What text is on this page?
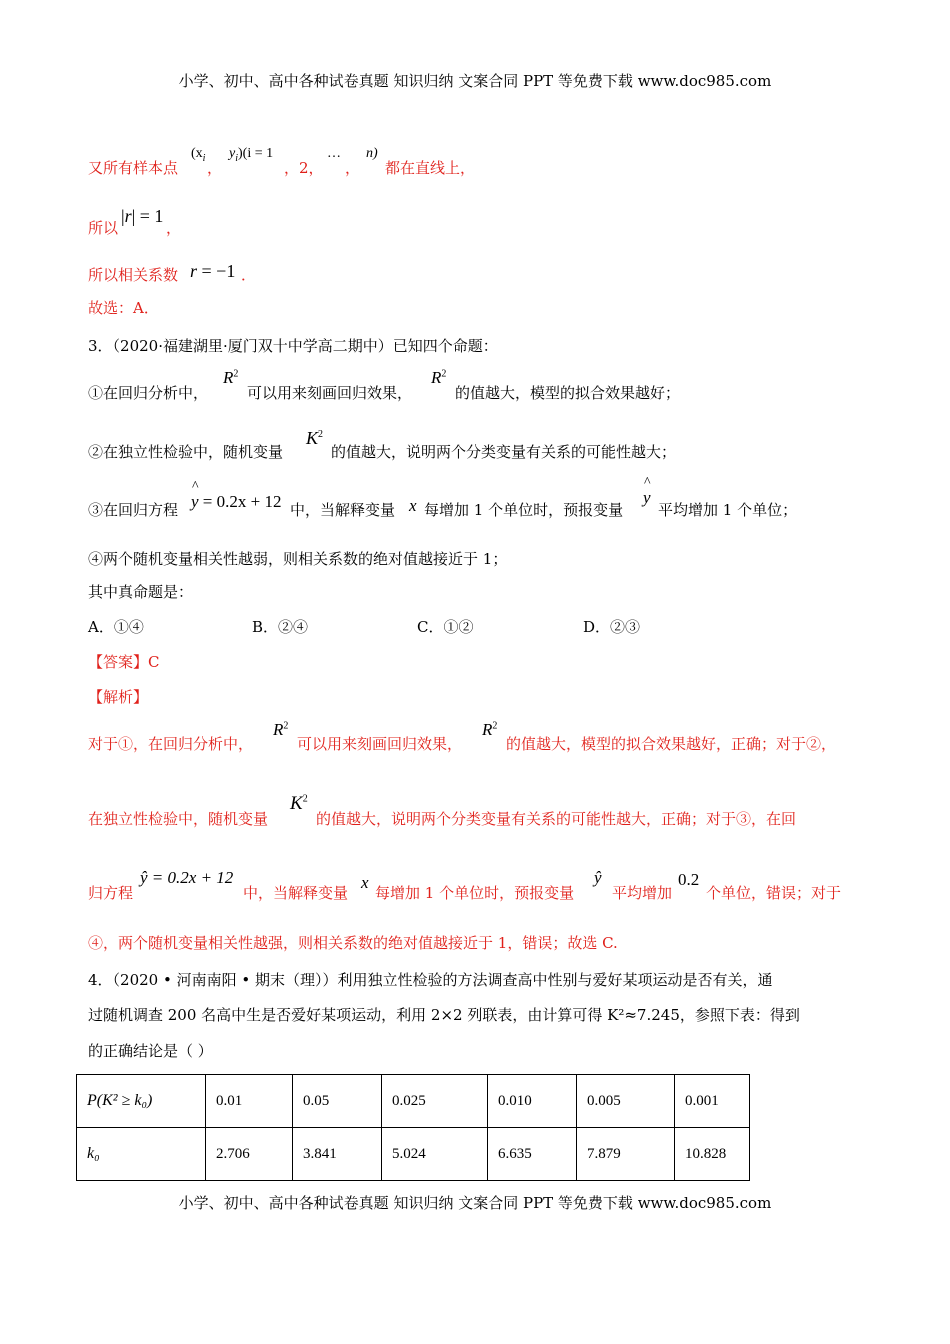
小学、初中、高中各种试卷真题 知识归纳 文案合同 PPT 等免费下载 www.doc985.com
又所有样本点
($x_i$
，
$y_i)(i = 1$
，2，
…
，
n)
都在直线上，
所以
|r| = 1
，
所以相关系数 r = −1 ．
故选：A．
3．（2020·福建湖里·厦门双十中学高二期中）已知四个命题：
①在回归分析中，
$R^2$
可以用来刻画回归效果，
$R^2$
的值越大，模型的拟合效果越好；
②在独立性检验中，随机变量
$K^2$
的值越大，说明两个分类变量有关系的可能性越大；
③在回归方程 ^ y = 0.2x + 12 中，当解释变量 x 每增加 1 个单位时，预报变量
^ y
平均增加 1 个单位；
④两个随机变量相关性越弱，则相关系数的绝对值越接近于 1；
其中真命题是：
A．①④	B．②④	C．①②	D．②③
【答案】C
【解析】
对于①，在回归分析中，
$R^2$
可以用来刻画回归效果，
$R^2$
的值越大，模型的拟合效果越好，正确；对于②，
在独立性检验中，随机变量
$K^2$
的值越大，说明两个分类变量有关系的可能性越大，正确；对于③，在回
归方程
ŷ = 0.2x + 12
中，当解释变量
x
每增加 1 个单位时，预报变量
ŷ
平均增加
0.2
个单位，错误；对于
④，两个随机变量相关性越强，则相关系数的绝对值越接近于 1，错误；故选 C.
4．（2020 • 河南南阳 • 期末（理））利用独立性检验的方法调查高中性别与爱好某项运动是否有关，通
过随机调查 200 名高中生是否爱好某项运动，利用 2×2 列联表，由计算可得 K²≈7.245，参照下表：得到
的正确结论是（ ）
P(K² ≥ k₀)	0.01	0.05	0.025	0.010	0.005	0.001
k₀	2.706	3.841	5.024	6.635	7.879	10.828
小学、初中、高中各种试卷真题 知识归纳 文案合同 PPT 等免费下载 www.doc985.com
